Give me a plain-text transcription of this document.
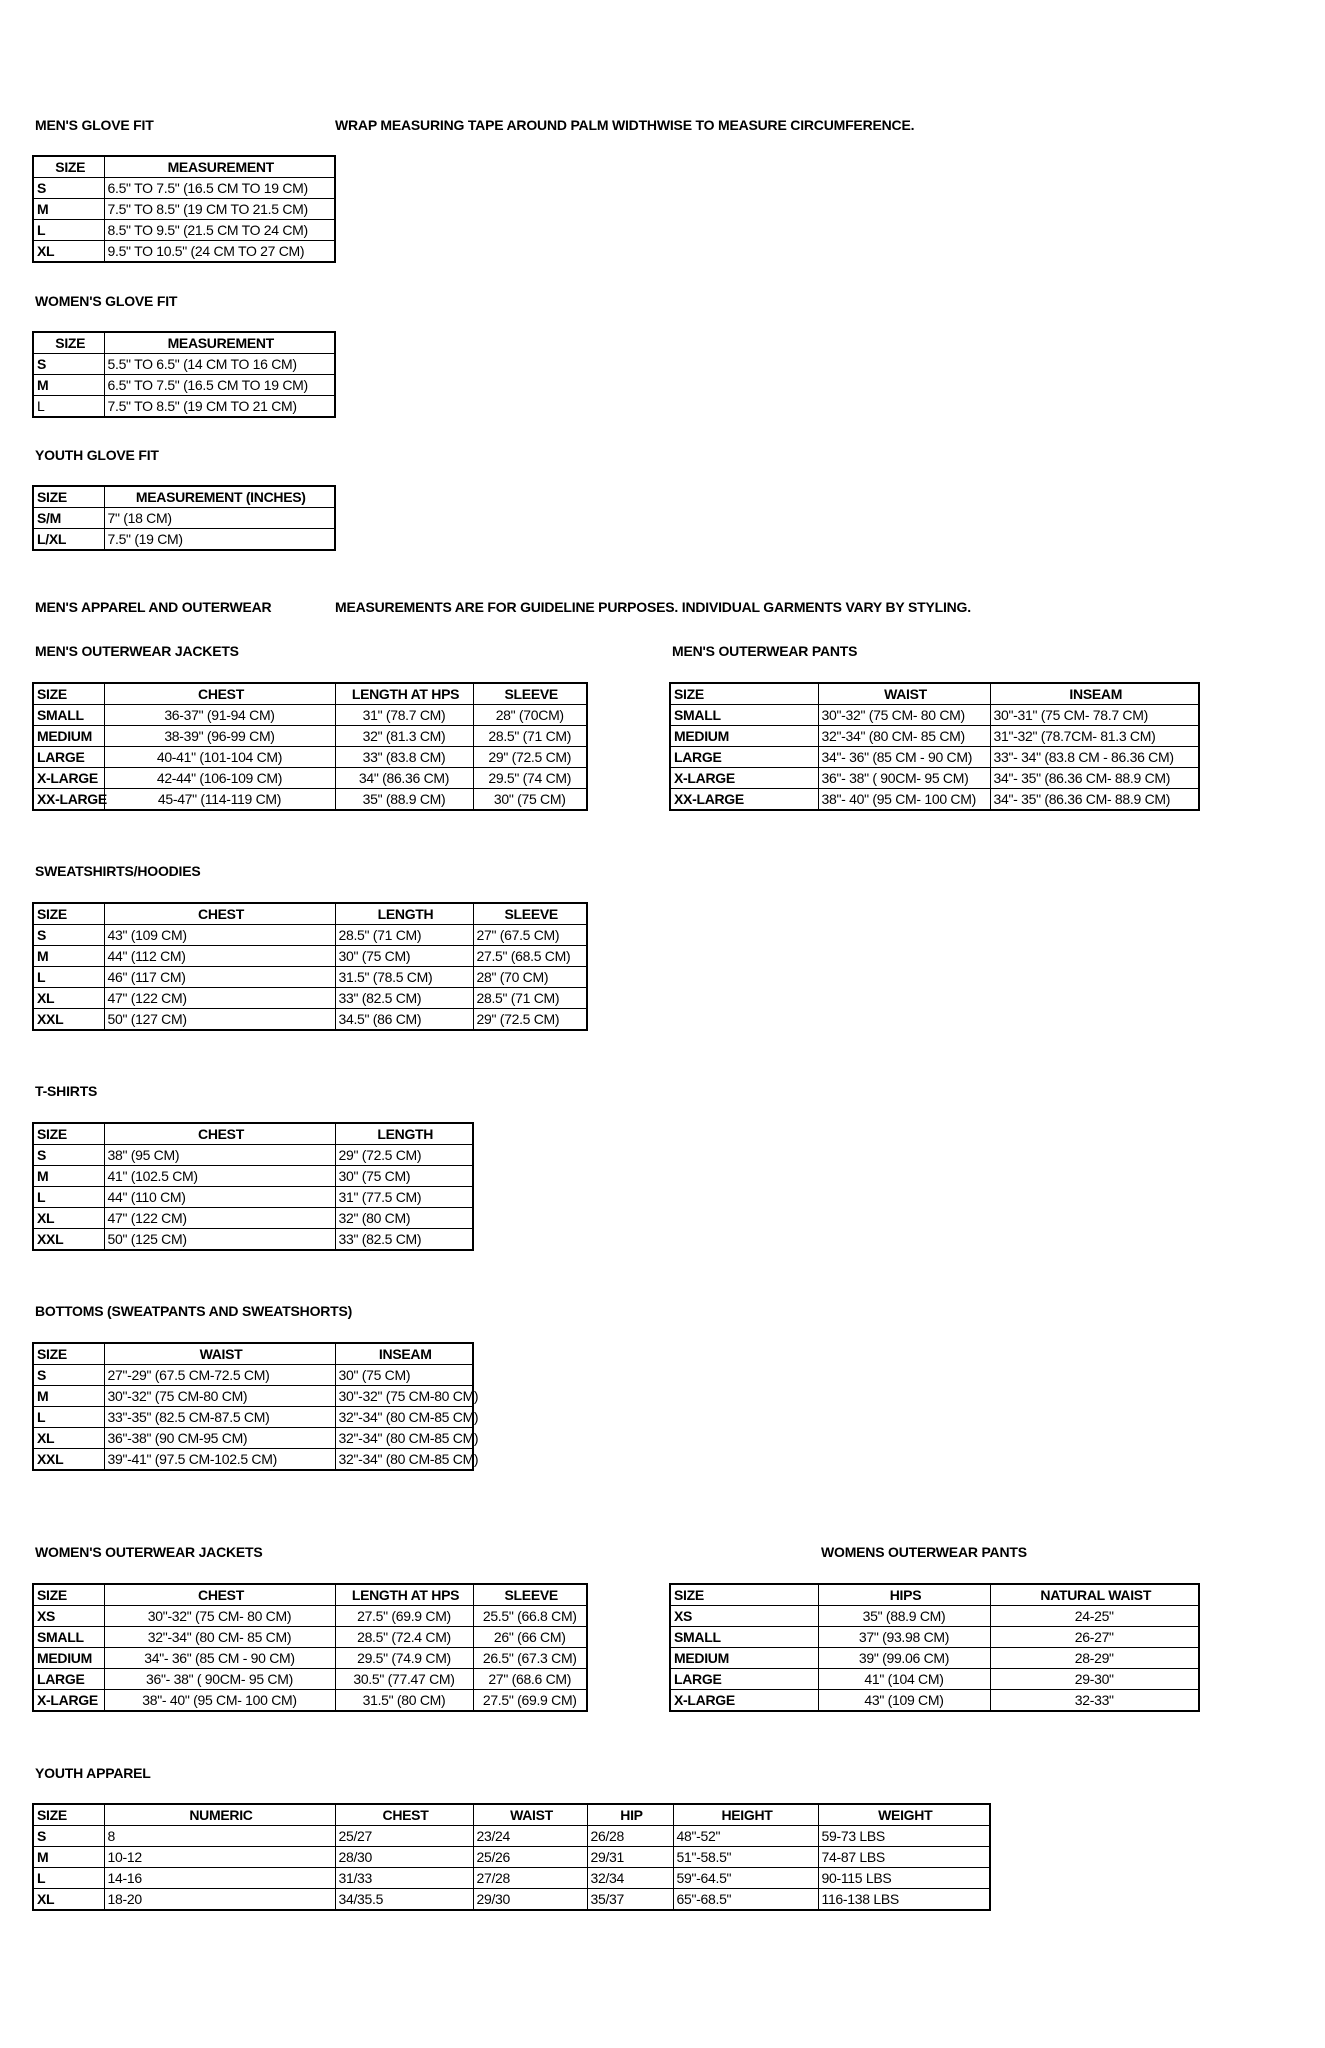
MEN'S GLOVE FIT	WRAP MEASURING TAPE AROUND PALM WIDTHWISE TO MEASURE CIRCUMFERENCE.
WOMEN'S GLOVE FIT
YOUTH GLOVE FIT
MEN'S APPAREL AND OUTERWEAR	MEASUREMENTS ARE FOR GUIDELINE PURPOSES. INDIVIDUAL GARMENTS VARY BY STYLING.
MEN'S OUTERWEAR JACKETS	MEN'S OUTERWEAR PANTS
SWEATSHIRTS/HOODIES
T-SHIRTS
BOTTOMS (SWEATPANTS AND SWEATSHORTS)
WOMEN'S OUTERWEAR JACKETS	WOMENS OUTERWEAR PANTS
YOUTH APPAREL
SIZE	MEASUREMENT
S	6.5" TO 7.5" (16.5 CM TO 19 CM)
M	7.5" TO 8.5" (19 CM TO 21.5 CM)
L	8.5" TO 9.5" (21.5 CM TO 24 CM)
XL	9.5" TO 10.5" (24 CM TO 27 CM)
SIZE	MEASUREMENT
S	5.5" TO 6.5" (14 CM TO 16 CM)
M	6.5" TO 7.5" (16.5 CM TO 19 CM)
L	7.5" TO 8.5" (19 CM TO 21 CM)
SIZE	MEASUREMENT (INCHES)
S/M	7" (18 CM)
L/XL	7.5" (19 CM)
SIZE	CHEST	LENGTH AT HPS	SLEEVE
SMALL	36-37" (91-94 CM)	31" (78.7 CM)	28" (70CM)
MEDIUM	38-39" (96-99 CM)	32" (81.3 CM)	28.5" (71 CM)
LARGE	40-41" (101-104 CM)	33" (83.8 CM)	29" (72.5 CM)
X-LARGE	42-44" (106-109 CM)	34" (86.36 CM)	29.5" (74 CM)
XX-LARGE	45-47" (114-119 CM)	35" (88.9 CM)	30" (75 CM)
SIZE	WAIST	INSEAM
SMALL	30"-32" (75 CM- 80 CM)	30"-31" (75 CM- 78.7 CM)
MEDIUM	32"-34" (80 CM- 85 CM)	31"-32" (78.7CM- 81.3 CM)
LARGE	34"- 36" (85 CM - 90 CM)	33"- 34" (83.8 CM - 86.36 CM)
X-LARGE	36"- 38" ( 90CM- 95 CM)	34"- 35" (86.36 CM- 88.9 CM)
XX-LARGE	38"- 40" (95 CM- 100 CM)	34"- 35" (86.36 CM- 88.9 CM)
SIZE	CHEST	LENGTH	SLEEVE
S	43" (109 CM)	28.5" (71 CM)	27" (67.5 CM)
M	44" (112 CM)	30" (75 CM)	27.5" (68.5 CM)
L	46" (117 CM)	31.5" (78.5 CM)	28" (70 CM)
XL	47" (122 CM)	33" (82.5 CM)	28.5" (71 CM)
XXL	50" (127 CM)	34.5" (86 CM)	29" (72.5 CM)
SIZE	CHEST	LENGTH
S	38" (95 CM)	29" (72.5 CM)
M	41" (102.5 CM)	30" (75 CM)
L	44" (110 CM)	31" (77.5 CM)
XL	47" (122 CM)	32" (80 CM)
XXL	50" (125 CM)	33" (82.5 CM)
SIZE	WAIST	INSEAM
S	27"-29" (67.5 CM-72.5 CM)	30" (75 CM)
M	30"-32" (75 CM-80 CM)	30"-32" (75 CM-80 CM)
L	33"-35" (82.5 CM-87.5 CM)	32"-34" (80 CM-85 CM)
XL	36"-38" (90 CM-95 CM)	32"-34" (80 CM-85 CM)
XXL	39"-41" (97.5 CM-102.5 CM)	32"-34" (80 CM-85 CM)
SIZE	CHEST	LENGTH AT HPS	SLEEVE
XS	30"-32" (75 CM- 80 CM)	27.5" (69.9 CM)	25.5" (66.8 CM)
SMALL	32"-34" (80 CM- 85 CM)	28.5" (72.4 CM)	26" (66 CM)
MEDIUM	34"- 36" (85 CM - 90 CM)	29.5" (74.9 CM)	26.5" (67.3 CM)
LARGE	36"- 38" ( 90CM- 95 CM)	30.5" (77.47 CM)	27" (68.6 CM)
X-LARGE	38"- 40" (95 CM- 100 CM)	31.5" (80 CM)	27.5" (69.9 CM)
SIZE	HIPS	NATURAL WAIST
XS	35" (88.9 CM)	24-25"
SMALL	37" (93.98 CM)	26-27"
MEDIUM	39" (99.06 CM)	28-29"
LARGE	41" (104 CM)	29-30"
X-LARGE	43" (109 CM)	32-33"
SIZE	NUMERIC	CHEST	WAIST	HIP	HEIGHT	WEIGHT
S	8	25/27	23/24	26/28	48"-52"	59-73 LBS
M	10-12	28/30	25/26	29/31	51"-58.5"	74-87 LBS
L	14-16	31/33	27/28	32/34	59"-64.5"	90-115 LBS
XL	18-20	34/35.5	29/30	35/37	65"-68.5"	116-138 LBS
